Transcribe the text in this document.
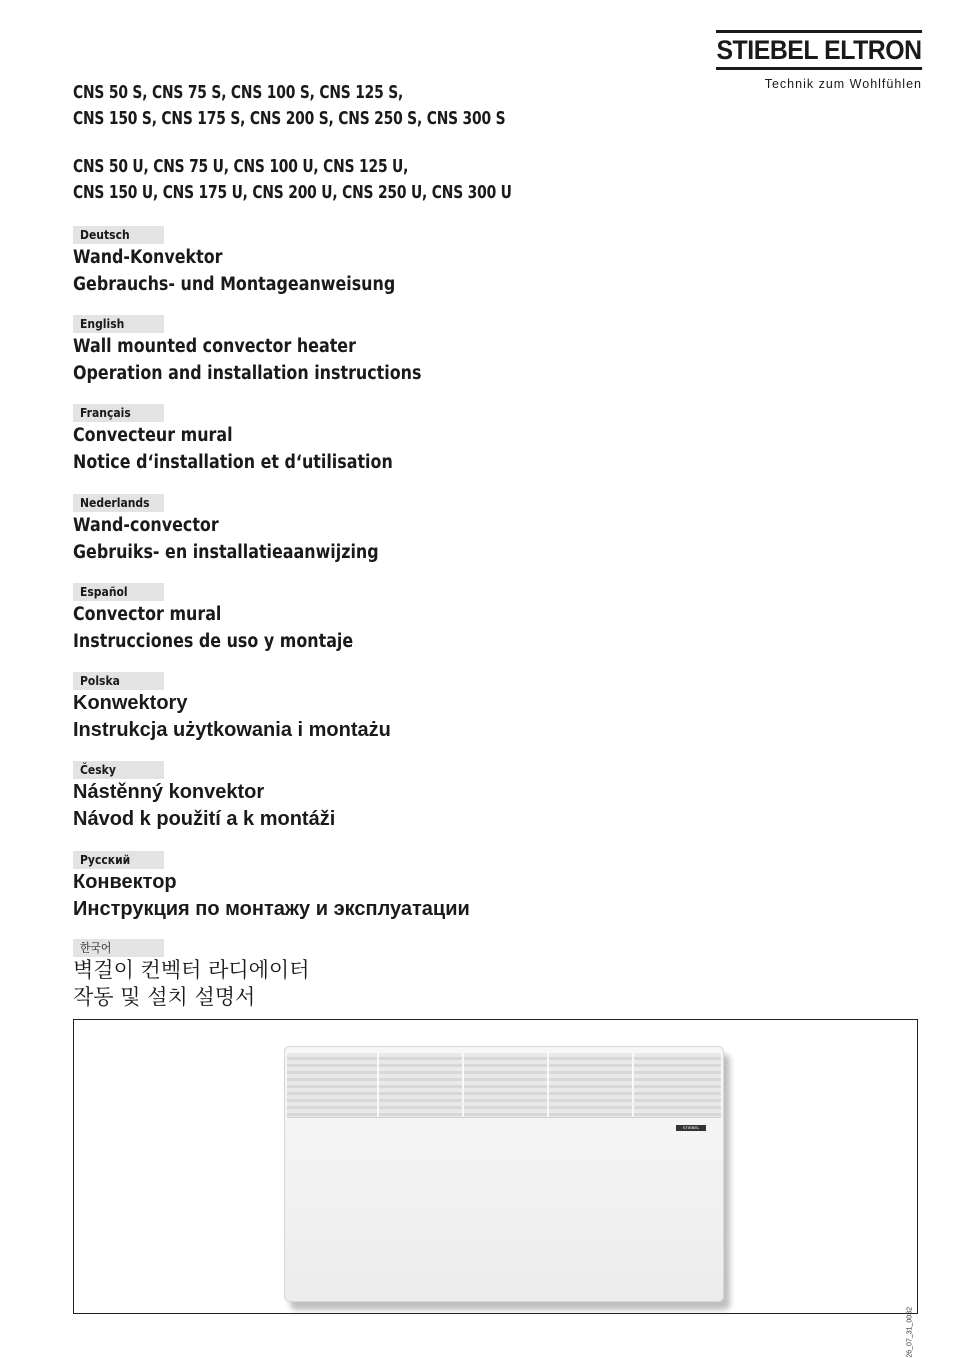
STIEBEL ELTRON
Technik zum Wohlfühlen
CNS 50 S, CNS 75 S, CNS 100 S, CNS 125 S,
CNS 150 S, CNS 175 S, CNS 200 S, CNS 250 S, CNS 300 S
CNS 50 U, CNS 75 U, CNS 100 U, CNS 125 U,
CNS 150 U, CNS 175 U, CNS 200 U, CNS 250 U, CNS 300 U
Deutsch
Wand-Konvektor
Gebrauchs- und Montageanweisung
English
Wall mounted convector heater
Operation and installation instructions
Français
Convecteur mural
Notice d‘installation et d‘utilisation
Nederlands
Wand-convector
Gebruiks- en installatieaanwijzing
Español
Convector mural
Instrucciones de uso y montaje
Polska
Konwektory
Instrukcja użytkowania i montażu
Česky
Nástěnný konvektor
Návod k použití a k montáži
Русский
Конвектор
Инструкция по монтажу и эксплуатации
한국어
벽걸이 컨벡터 라디에이터
작동 및 설치 설명서
STIEBEL ELTRON
26_07_31_0032
